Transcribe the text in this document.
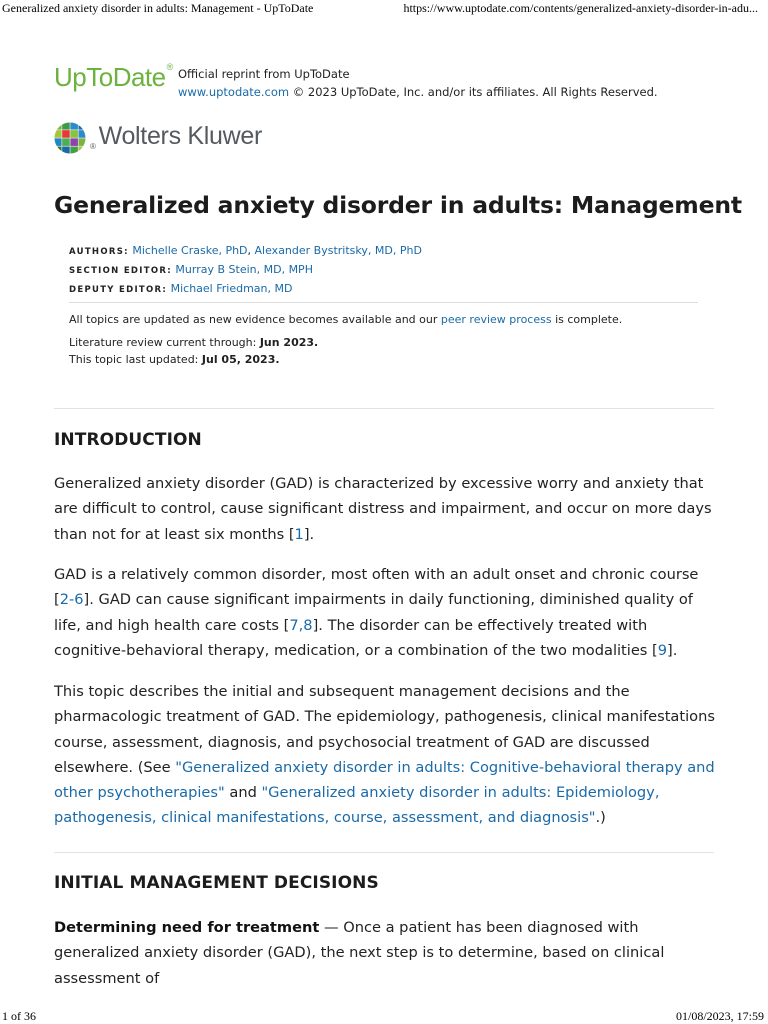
Generalized anxiety disorder in adults: Management - UpToDate	https://www.uptodate.com/contents/generalized-anxiety-disorder-in-adu...
UpToDate® Official reprint from UpToDate
www.uptodate.com © 2023 UpToDate, Inc. and/or its affiliates. All Rights Reserved.
® Wolters Kluwer
Generalized anxiety disorder in adults: Management
AUTHORS: Michelle Craske, PhD, Alexander Bystritsky, MD, PhD
SECTION EDITOR: Murray B Stein, MD, MPH
DEPUTY EDITOR: Michael Friedman, MD

All topics are updated as new evidence becomes available and our peer review process is complete.

Literature review current through: Jun 2023.

This topic last updated: Jul 05, 2023.

INTRODUCTION

Generalized anxiety disorder (GAD) is characterized by excessive worry and anxiety that are difficult to control, cause significant distress and impairment, and occur on more days than not for at least six months [1].

GAD is a relatively common disorder, most often with an adult onset and chronic course [2-6]. GAD can cause significant impairments in daily functioning, diminished quality of life, and high health care costs [7,8]. The disorder can be effectively treated with cognitive-behavioral therapy, medication, or a combination of the two modalities [9].

This topic describes the initial and subsequent management decisions and the pharmacologic treatment of GAD. The epidemiology, pathogenesis, clinical manifestations course, assessment, diagnosis, and psychosocial treatment of GAD are discussed elsewhere. (See "Generalized anxiety disorder in adults: Cognitive-behavioral therapy and other psychotherapies" and "Generalized anxiety disorder in adults: Epidemiology, pathogenesis, clinical manifestations, course, assessment, and diagnosis".)

INITIAL MANAGEMENT DECISIONS

Determining need for treatment — Once a patient has been diagnosed with generalized anxiety disorder (GAD), the next step is to determine, based on clinical assessment of

1 of 36	01/08/2023, 17:59
